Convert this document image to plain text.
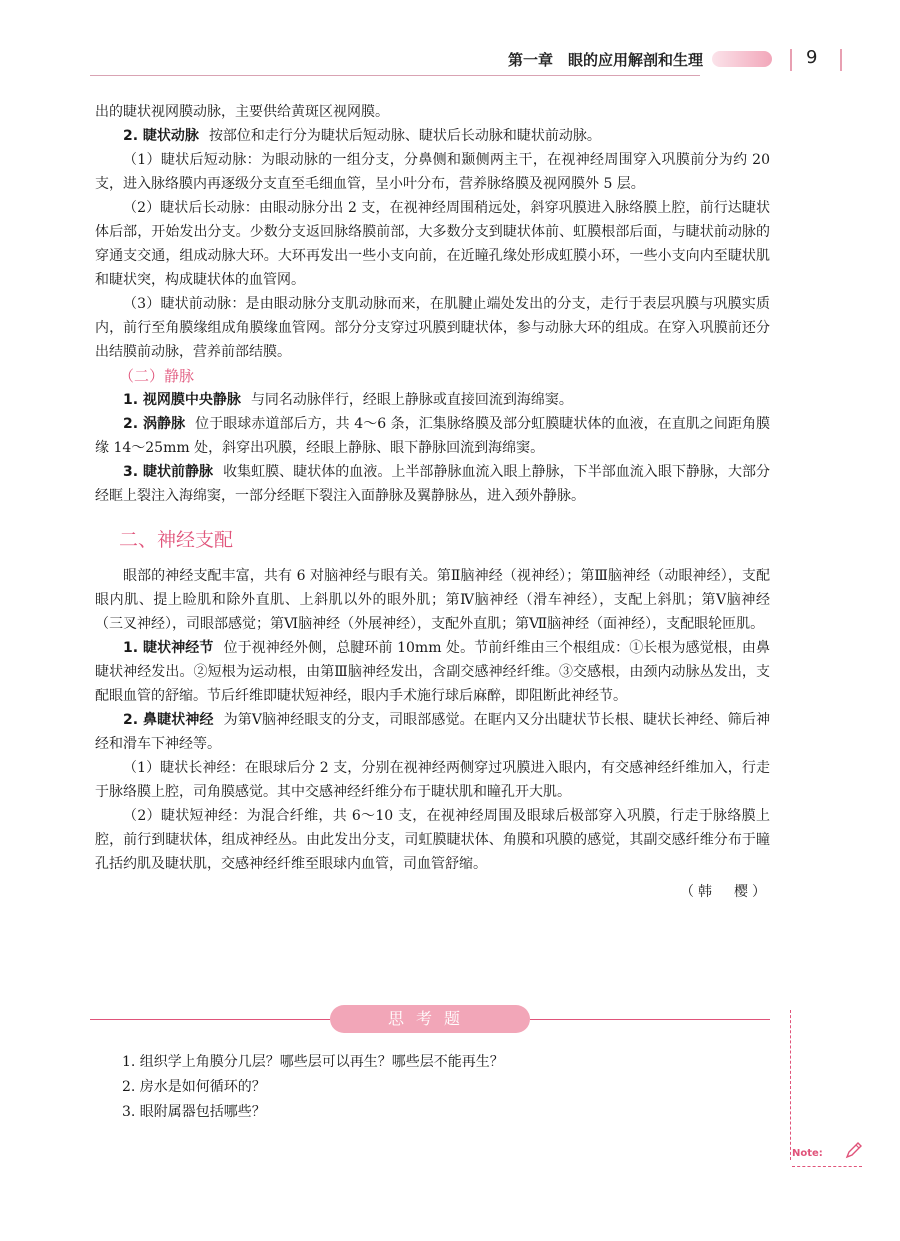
第一章　眼的应用解剖和生理	9

出的睫状视网膜动脉，主要供给黄斑区视网膜。

2. 睫状动脉 按部位和走行分为睫状后短动脉、睫状后长动脉和睫状前动脉。

（1）睫状后短动脉：为眼动脉的一组分支，分鼻侧和颞侧两主干，在视神经周围穿入巩膜前分为约 20 支，进入脉络膜内再逐级分支直至毛细血管，呈小叶分布，营养脉络膜及视网膜外 5 层。

（2）睫状后长动脉：由眼动脉分出 2 支，在视神经周围稍远处，斜穿巩膜进入脉络膜上腔，前行达睫状体后部，开始发出分支。少数分支返回脉络膜前部，大多数分支到睫状体前、虹膜根部后面，与睫状前动脉的穿通支交通，组成动脉大环。大环再发出一些小支向前，在近瞳孔缘处形成虹膜小环，一些小支向内至睫状肌和睫状突，构成睫状体的血管网。

（3）睫状前动脉：是由眼动脉分支肌动脉而来，在肌腱止端处发出的分支，走行于表层巩膜与巩膜实质内，前行至角膜缘组成角膜缘血管网。部分分支穿过巩膜到睫状体，参与动脉大环的组成。在穿入巩膜前还分出结膜前动脉，营养前部结膜。

（二）静脉

1. 视网膜中央静脉 与同名动脉伴行，经眼上静脉或直接回流到海绵窦。

2. 涡静脉 位于眼球赤道部后方，共 4～6 条，汇集脉络膜及部分虹膜睫状体的血液，在直肌之间距角膜缘 14～25mm 处，斜穿出巩膜，经眼上静脉、眼下静脉回流到海绵窦。

3. 睫状前静脉 收集虹膜、睫状体的血液。上半部静脉血流入眼上静脉，下半部血流入眼下静脉，大部分经眶上裂注入海绵窦，一部分经眶下裂注入面静脉及翼静脉丛，进入颈外静脉。

二、神经支配

眼部的神经支配丰富，共有 6 对脑神经与眼有关。第Ⅱ脑神经（视神经）；第Ⅲ脑神经（动眼神经），支配眼内肌、提上睑肌和除外直肌、上斜肌以外的眼外肌；第Ⅳ脑神经（滑车神经），支配上斜肌；第Ⅴ脑神经（三叉神经），司眼部感觉；第Ⅵ脑神经（外展神经），支配外直肌；第Ⅶ脑神经（面神经），支配眼轮匝肌。

1. 睫状神经节 位于视神经外侧，总腱环前 10mm 处。节前纤维由三个根组成：①长根为感觉根，由鼻睫状神经发出。②短根为运动根，由第Ⅲ脑神经发出，含副交感神经纤维。③交感根，由颈内动脉丛发出，支配眼血管的舒缩。节后纤维即睫状短神经，眼内手术施行球后麻醉，即阻断此神经节。

2. 鼻睫状神经 为第Ⅴ脑神经眼支的分支，司眼部感觉。在眶内又分出睫状节长根、睫状长神经、筛后神经和滑车下神经等。

（1）睫状长神经：在眼球后分 2 支，分别在视神经两侧穿过巩膜进入眼内，有交感神经纤维加入，行走于脉络膜上腔，司角膜感觉。其中交感神经纤维分布于睫状肌和瞳孔开大肌。

（2）睫状短神经：为混合纤维，共 6～10 支，在视神经周围及眼球后极部穿入巩膜，行走于脉络膜上腔，前行到睫状体，组成神经丛。由此发出分支，司虹膜睫状体、角膜和巩膜的感觉，其副交感纤维分布于瞳孔括约肌及睫状肌，交感神经纤维至眼球内血管，司血管舒缩。

（韩　樱）

思考题
1. 组织学上角膜分几层？哪些层可以再生？哪些层不能再生？
2. 房水是如何循环的？
3. 眼附属器包括哪些？
Note:
